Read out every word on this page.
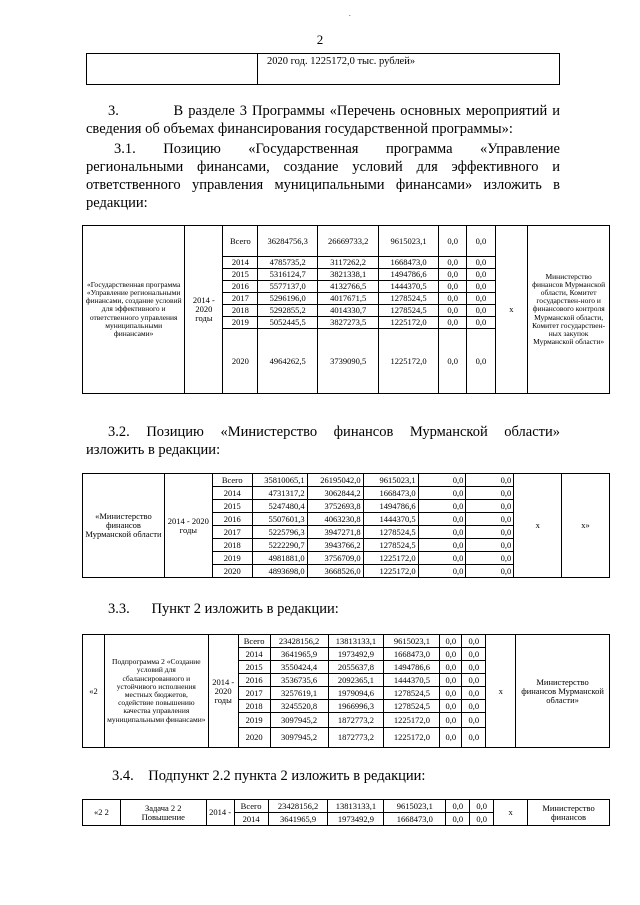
.
2
2020 год. 1225172,0 тыс. рублей»
3.	В разделе 3 Программы «Перечень основных мероприятий и
сведения об объемах финансирования государственной программы»:
3.1. Позицию «Государственная программа «Управление
региональными финансами, создание условий для эффективного и
ответственного управления муниципальными финансами» изложить в
редакции:
«Государственная программа «Управление региональными финансами, создание условий для эффективного и ответственного управления муниципальными финансами»	2014 - 2020 годы	Всего	36284756,3	26669733,2	9615023,1	0,0	0,0	x	Министерство финансов Мурманской области, Комитет государствен-ного и финансового контроля Мурманской области, Комитет государствен-ных закупок Мурманской области»
		2014	4785735,2	3117262,2	1668473,0	0,0	0,0		
		2015	5316124,7	3821338,1	1494786,6	0,0	0,0		
		2016	5577137,0	4132766,5	1444370,5	0,0	0,0		
		2017	5296196,0	4017671,5	1278524,5	0,0	0,0		
		2018	5292855,2	4014330,7	1278524,5	0,0	0,0		
		2019	5052445,5	3827273,5	1225172,0	0,0	0,0		
		2020	4964262,5	3739090,5	1225172,0	0,0	0,0		
3.2. Позицию «Министерство финансов Мурманской области»
изложить в редакции:
«Министерство финансов Мурманской области	2014 - 2020 годы	Всего	35810065,1	26195042,0	9615023,1	0,0	0,0	x	x»
		2014	4731317,2	3062844,2	1668473,0	0,0	0,0		
		2015	5247480,4	3752693,8	1494786,6	0,0	0,0		
		2016	5507601,3	4063230,8	1444370,5	0,0	0,0		
		2017	5225796,3	3947271,8	1278524,5	0,0	0,0		
		2018	5222290,7	3943766,2	1278524,5	0,0	0,0		
		2019	4981881,0	3756709,0	1225172,0	0,0	0,0		
		2020	4893698,0	3668526,0	1225172,0	0,0	0,0		
3.3. Пункт 2 изложить в редакции:
«2	Подпрограмма 2 «Создание условий для сбалансированного и устойчивого исполнения местных бюджетов, содействие повышению качества управления муниципальными финансами»	2014 - 2020 годы	Всего	23428156,2	13813133,1	9615023,1	0,0	0,0	x	Министерство финансов Мурманской области»
			2014	3641965,9	1973492,9	1668473,0	0,0	0,0		
			2015	3550424,4	2055637,8	1494786,6	0,0	0,0		
			2016	3536735,6	2092365,1	1444370,5	0,0	0,0		
			2017	3257619,1	1979094,6	1278524,5	0,0	0,0		
			2018	3245520,8	1966996,3	1278524,5	0,0	0,0		
			2019	3097945,2	1872773,2	1225172,0	0,0	0,0		
			2020	3097945,2	1872773,2	1225172,0	0,0	0,0		
3.4. Подпункт 2.2 пункта 2 изложить в редакции:
«2 2	Задача 2 2 Повышение	2014 -	Всего	23428156,2	13813133,1	9615023,1	0,0	0,0	x	Министерство финансов
			2014	3641965,9	1973492,9	1668473,0	0,0	0,0		
